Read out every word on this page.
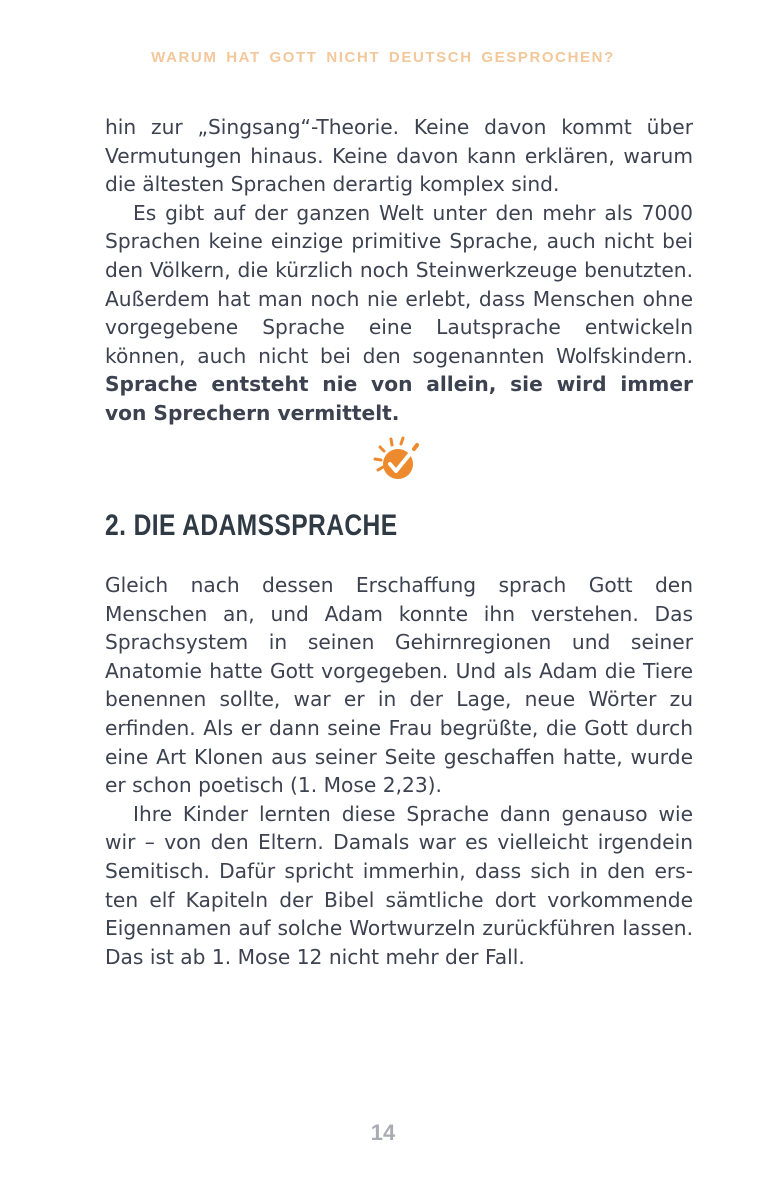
WARUM HAT GOTT NICHT DEUTSCH GESPROCHEN?

hin zur „Singsang“-Theorie. Keine davon kommt über Vermutungen hinaus. Keine davon kann erklären, warum die ältesten Sprachen derartig komplex sind.

Es gibt auf der ganzen Welt unter den mehr als 7000 Sprachen keine einzige primitive Sprache, auch nicht bei den Völkern, die kürzlich noch Steinwerkzeuge benutzten. Außerdem hat man noch nie erlebt, dass Menschen ohne vorgegebene Sprache eine Lautsprache entwickeln können, auch nicht bei den sogenannten Wolfskindern. Sprache entsteht nie von allein, sie wird immer von Sprechern vermittelt.

2. DIE ADAMSSPRACHE

Gleich nach dessen Erschaffung sprach Gott den Menschen an, und Adam konnte ihn verstehen. Das Sprachsystem in seinen Gehirnregionen und seiner Anatomie hatte Gott vorgegeben. Und als Adam die Tiere benennen sollte, war er in der Lage, neue Wörter zu erfinden. Als er dann seine Frau begrüßte, die Gott durch eine Art Klonen aus seiner Seite geschaffen hatte, wurde er schon poetisch (1. Mose 2,23).

Ihre Kinder lernten diese Sprache dann genauso wie wir – von den Eltern. Damals war es vielleicht irgendein Semitisch. Dafür spricht immerhin, dass sich in den ersten elf Kapiteln der Bibel sämtliche dort vorkommende Eigennamen auf solche Wortwurzeln zurückführen lassen. Das ist ab 1. Mose 12 nicht mehr der Fall.

14
